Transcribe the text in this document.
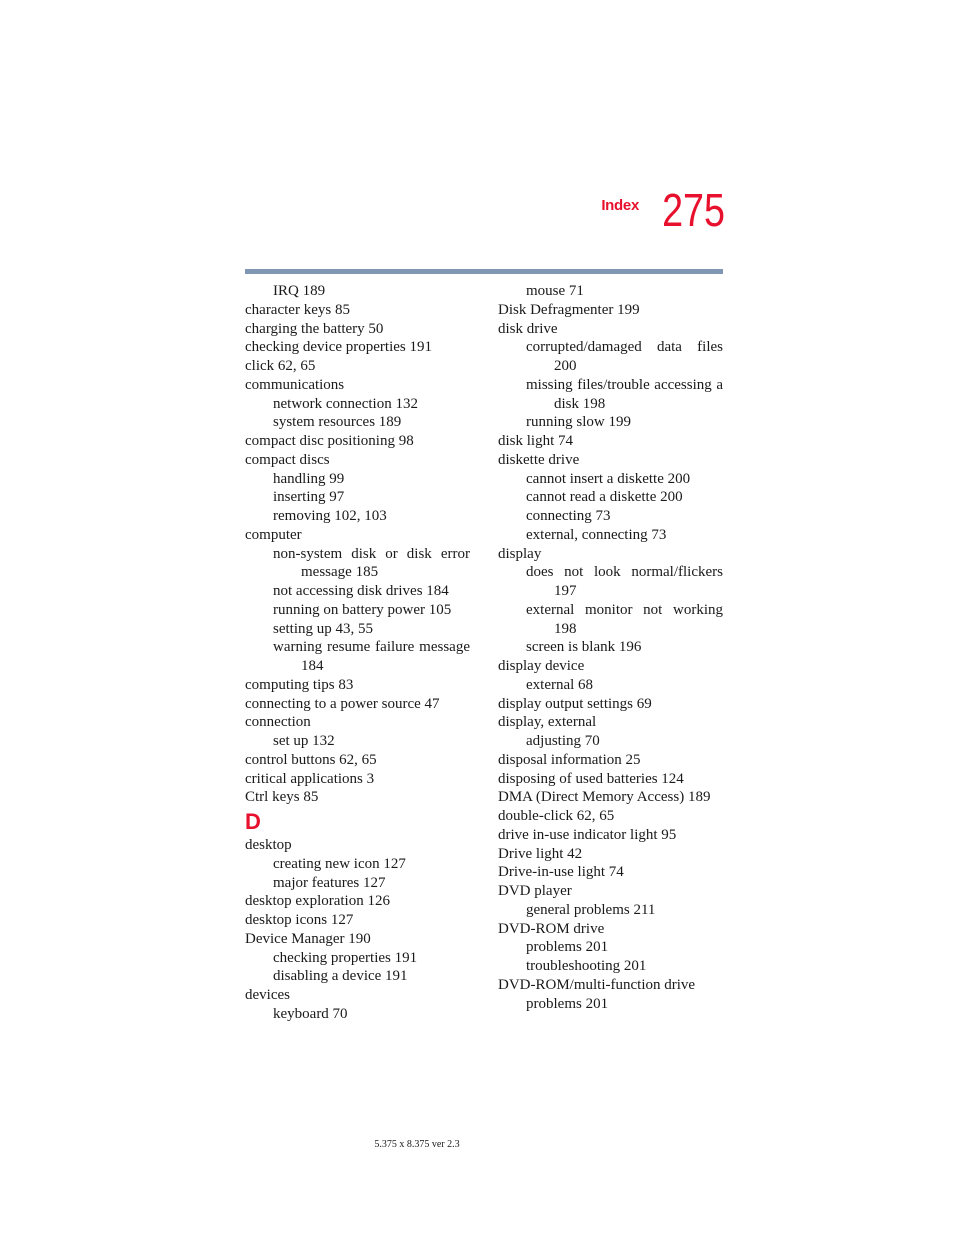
Index 275
IRQ 189
character keys 85
charging the battery 50
checking device properties 191
click 62, 65
communications
network connection 132
system resources 189
compact disc positioning 98
compact discs
handling 99
inserting 97
removing 102, 103
computer
non-system disk or disk error message 185
not accessing disk drives 184
running on battery power 105
setting up 43, 55
warning resume failure message 184
computing tips 83
connecting to a power source 47
connection
set up 132
control buttons 62, 65
critical applications 3
Ctrl keys 85
D
desktop
creating new icon 127
major features 127
desktop exploration 126
desktop icons 127
Device Manager 190
checking properties 191
disabling a device 191
devices
keyboard 70
mouse 71
Disk Defragmenter 199
disk drive
corrupted/damaged data files 200
missing files/trouble accessing a disk 198
running slow 199
disk light 74
diskette drive
cannot insert a diskette 200
cannot read a diskette 200
connecting 73
external, connecting 73
display
does not look normal/flickers 197
external monitor not working 198
screen is blank 196
display device
external 68
display output settings 69
display, external
adjusting 70
disposal information 25
disposing of used batteries 124
DMA (Direct Memory Access) 189
double-click 62, 65
drive in-use indicator light 95
Drive light 42
Drive-in-use light 74
DVD player
general problems 211
DVD-ROM drive
problems 201
troubleshooting 201
DVD-ROM/multi-function drive
problems 201
5.375 x 8.375 ver 2.3
